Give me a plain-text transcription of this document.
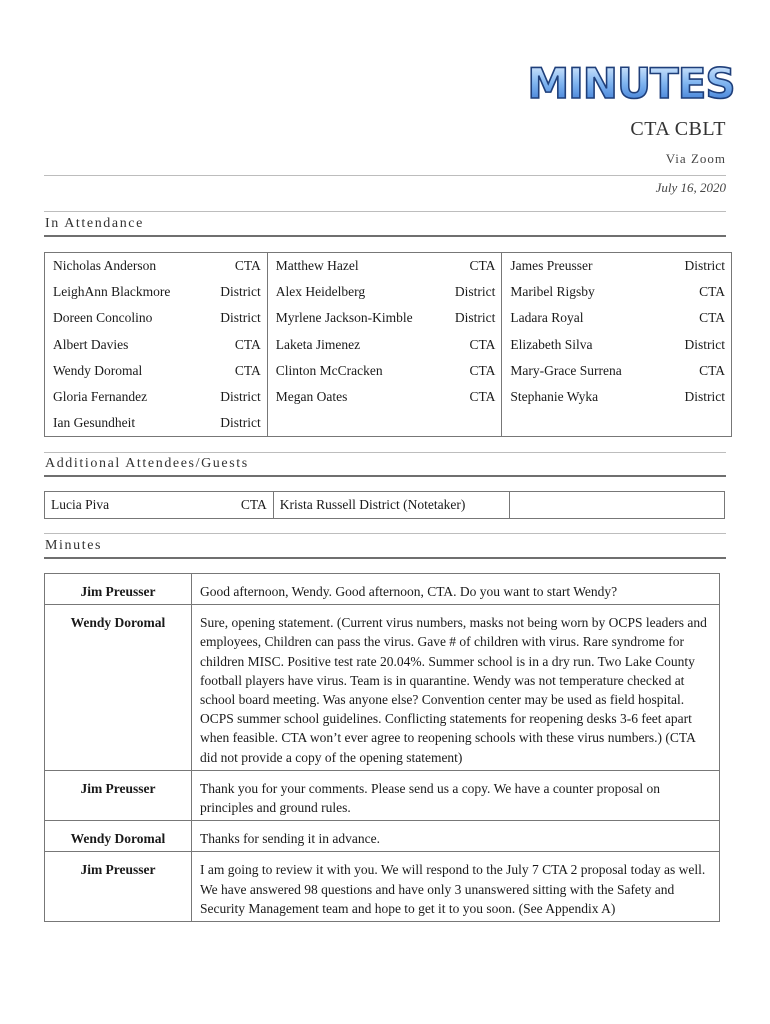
MINUTES
CTA CBLT
Via Zoom
July 16, 2020
In Attendance
Nicholas Anderson	CTA	Matthew Hazel	CTA	James Preusser	District
LeighAnn Blackmore	District	Alex Heidelberg	District	Maribel Rigsby	CTA
Doreen Concolino	District	Myrlene Jackson-Kimble	District	Ladara Royal	CTA
Albert Davies	CTA	Laketa Jimenez	CTA	Elizabeth Silva	District
Wendy Doromal	CTA	Clinton McCracken	CTA	Mary-Grace Surrena	CTA
Gloria Fernandez	District	Megan Oates	CTA	Stephanie Wyka	District
Ian Gesundheit	District				
Additional Attendees/Guests
Lucia Piva	CTA	Krista Russell District (Notetaker)		
Minutes
Jim Preusser	Good afternoon, Wendy. Good afternoon, CTA. Do you want to start Wendy?
Wendy Doromal	Sure, opening statement. (Current virus numbers, masks not being worn by OCPS leaders and employees, Children can pass the virus. Gave # of children with virus. Rare syndrome for children MISC. Positive test rate 20.04%. Summer school is in a dry run. Two Lake County football players have virus. Team is in quarantine. Wendy was not temperature checked at school board meeting. Was anyone else? Convention center may be used as field hospital. OCPS summer school guidelines. Conflicting statements for reopening desks 3-6 feet apart when feasible. CTA won’t ever agree to reopening schools with these virus numbers.) (CTA did not provide a copy of the opening statement)
Jim Preusser	Thank you for your comments. Please send us a copy. We have a counter proposal on principles and ground rules.
Wendy Doromal	Thanks for sending it in advance.
Jim Preusser	I am going to review it with you. We will respond to the July 7 CTA 2 proposal today as well. We have answered 98 questions and have only 3 unanswered sitting with the Safety and Security Management team and hope to get it to you soon. (See Appendix A)
